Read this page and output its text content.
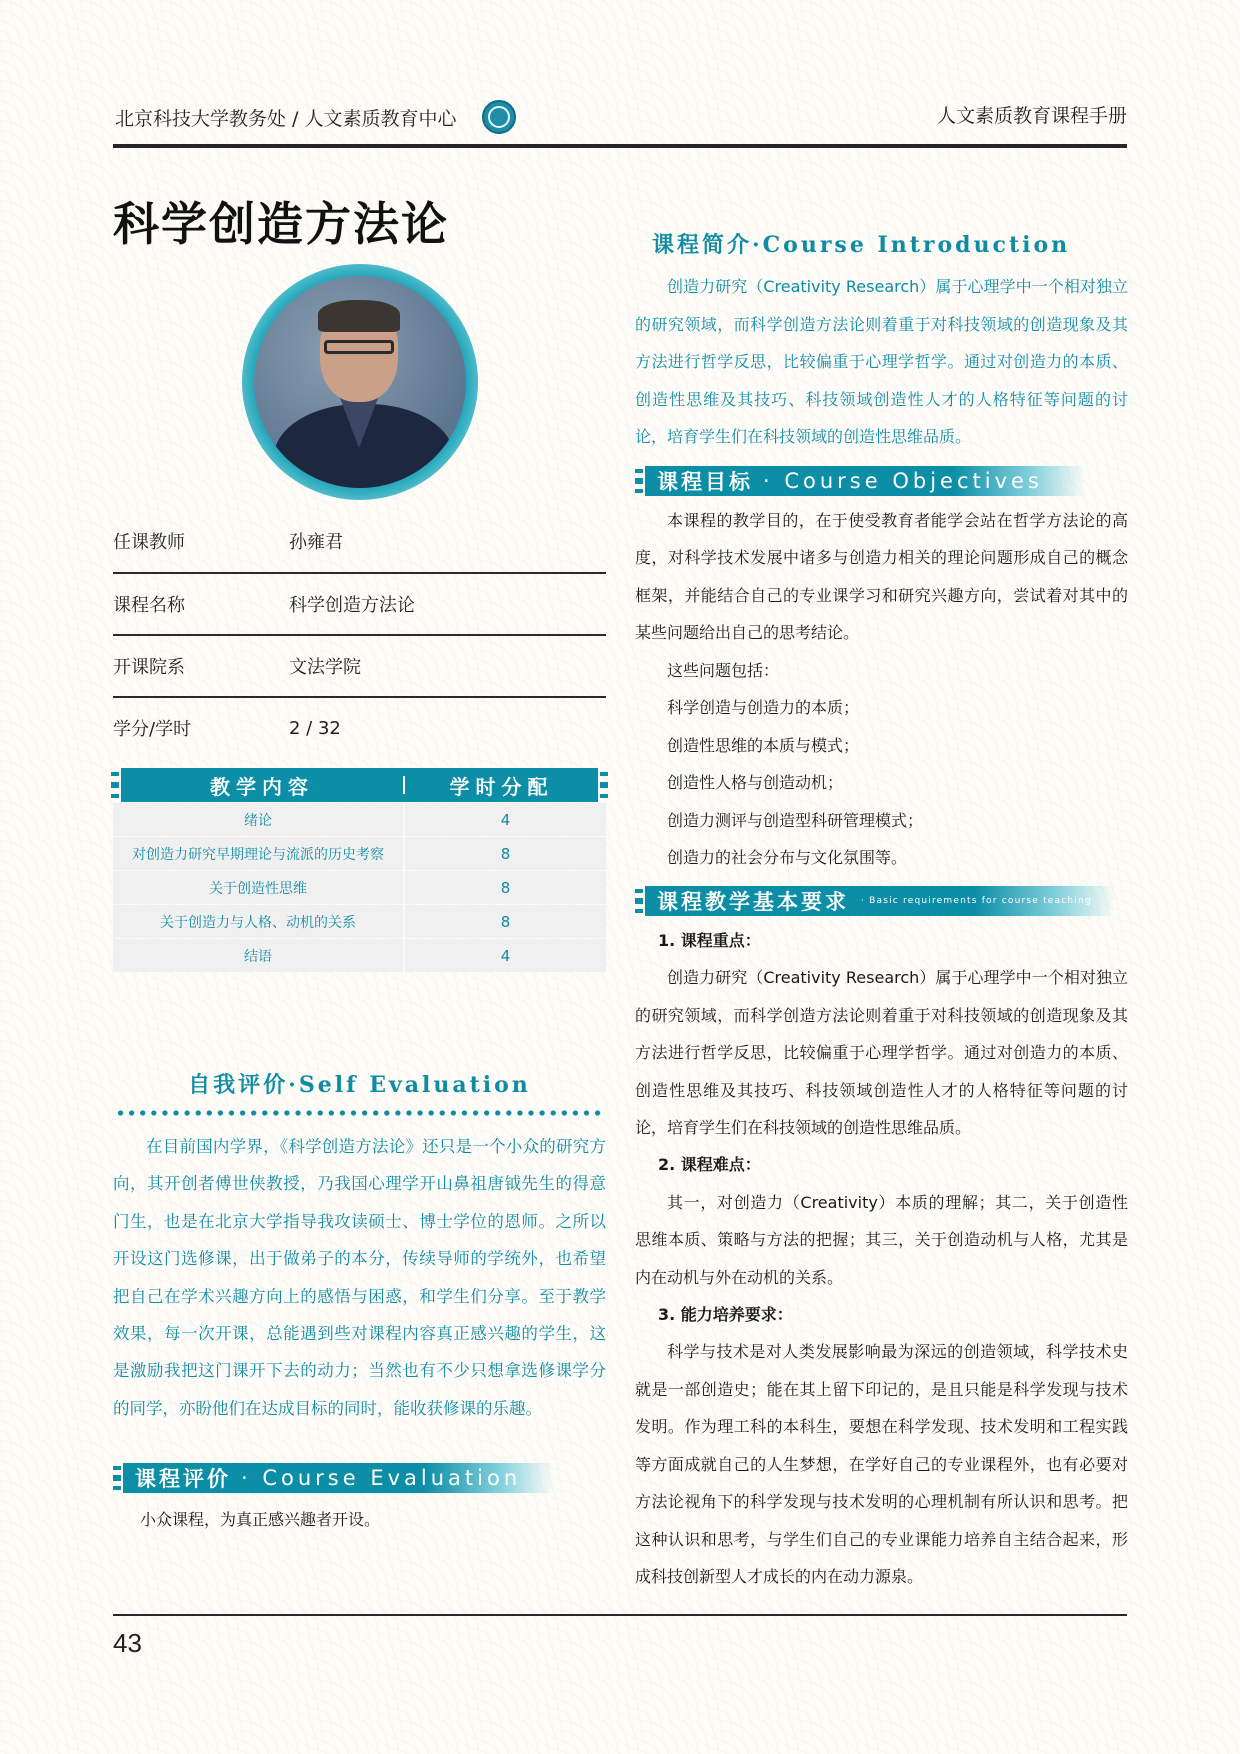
北京科技大学教务处 / 人文素质教育中心	人文素质教育课程手册
科学创造方法论
任课教师	孙雍君
课程名称	科学创造方法论
开课院系	文法学院
学分/学时	2 / 32
教学内容	学时分配
绪论	4
对创造力研究早期理论与流派的历史考察	8
关于创造性思维	8
关于创造力与人格、动机的关系	8
结语	4
自我评价·Self Evaluation

在目前国内学界，《科学创造方法论》还只是一个小众的研究方向，其开创者傅世侠教授，乃我国心理学开山鼻祖唐钺先生的得意门生，也是在北京大学指导我攻读硕士、博士学位的恩师。之所以开设这门选修课，出于做弟子的本分，传续导师的学统外，也希望把自己在学术兴趣方向上的感悟与困惑，和学生们分享。至于教学效果，每一次开课，总能遇到些对课程内容真正感兴趣的学生，这是激励我把这门课开下去的动力；当然也有不少只想拿选修课学分的同学，亦盼他们在达成目标的同时，能收获修课的乐趣。

课程评价 · Course Evaluation
小众课程，为真正感兴趣者开设。
课程简介·Course Introduction

创造力研究（Creativity Research）属于心理学中一个相对独立的研究领域，而科学创造方法论则着重于对科技领域的创造现象及其方法进行哲学反思，比较偏重于心理学哲学。通过对创造力的本质、创造性思维及其技巧、科技领域创造性人才的人格特征等问题的讨论，培育学生们在科技领域的创造性思维品质。

课程目标 · Course Objectives

本课程的教学目的，在于使受教育者能学会站在哲学方法论的高度，对科学技术发展中诸多与创造力相关的理论问题形成自己的概念框架，并能结合自己的专业课学习和研究兴趣方向，尝试着对其中的某些问题给出自己的思考结论。

这些问题包括：
科学创造与创造力的本质；
创造性思维的本质与模式；
创造性人格与创造动机；
创造力测评与创造型科研管理模式；
创造力的社会分布与文化氛围等。
课程教学基本要求 · Basic requirements for course teaching
1. 课程重点：

创造力研究（Creativity Research）属于心理学中一个相对独立的研究领域，而科学创造方法论则着重于对科技领域的创造现象及其方法进行哲学反思，比较偏重于心理学哲学。通过对创造力的本质、创造性思维及其技巧、科技领域创造性人才的人格特征等问题的讨论，培育学生们在科技领域的创造性思维品质。

2. 课程难点：

其一，对创造力（Creativity）本质的理解；其二，关于创造性思维本质、策略与方法的把握；其三，关于创造动机与人格，尤其是内在动机与外在动机的关系。

3. 能力培养要求：

科学与技术是对人类发展影响最为深远的创造领域，科学技术史就是一部创造史；能在其上留下印记的，是且只能是科学发现与技术发明。作为理工科的本科生，要想在科学发现、技术发明和工程实践等方面成就自己的人生梦想，在学好自己的专业课程外，也有必要对方法论视角下的科学发现与技术发明的心理机制有所认识和思考。把这种认识和思考，与学生们自己的专业课能力培养自主结合起来，形成科技创新型人才成长的内在动力源泉。

43
